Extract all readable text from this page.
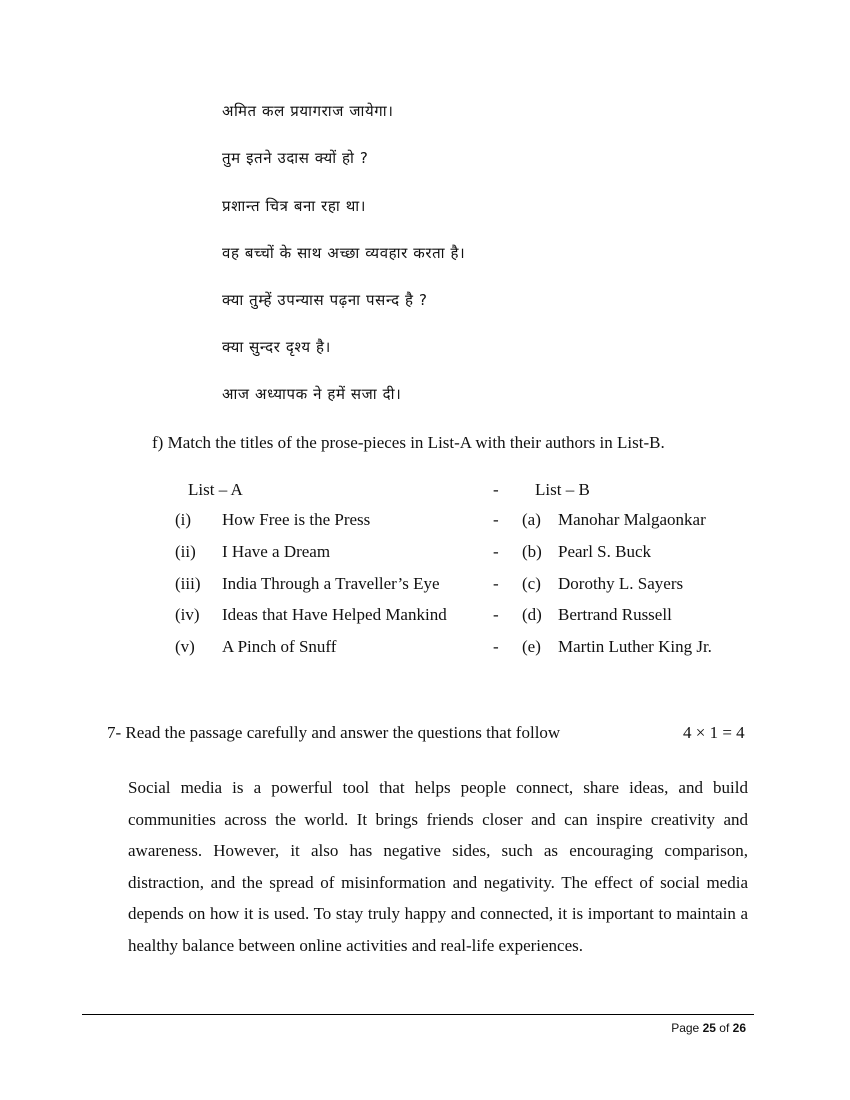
अमित कल प्रयागराज जायेगा।
तुम इतने उदास क्यों हो ?
प्रशान्त चित्र बना रहा था।
वह बच्चों के साथ अच्छा व्यवहार करता है।
क्या तुम्हें उपन्यास पढ़ना पसन्द है ?
क्या सुन्दर दृश्य है।
आज अध्यापक ने हमें सजा दी।
f) Match the titles of the prose-pieces in List-A with their authors in List-B.
List – A	- List – B
(i) How Free is the Press	- (a) Manohar Malgaonkar
(ii) I Have a Dream	- (b) Pearl S. Buck
(iii) India Through a Traveller’s Eye	- (c) Dorothy L. Sayers
(iv) Ideas that Have Helped Mankind	- (d) Bertrand Russell
(v) A Pinch of Snuff	- (e) Martin Luther King Jr.
7- Read the passage carefully and answer the questions that follow	4 × 1 = 4

Social media is a powerful tool that helps people connect, share ideas, and build communities across the world. It brings friends closer and can inspire creativity and awareness. However, it also has negative sides, such as encouraging comparison, distraction, and the spread of misinformation and negativity. The effect of social media depends on how it is used. To stay truly happy and connected, it is important to maintain a healthy balance between online activities and real-life experiences.

Page 25 of 26
